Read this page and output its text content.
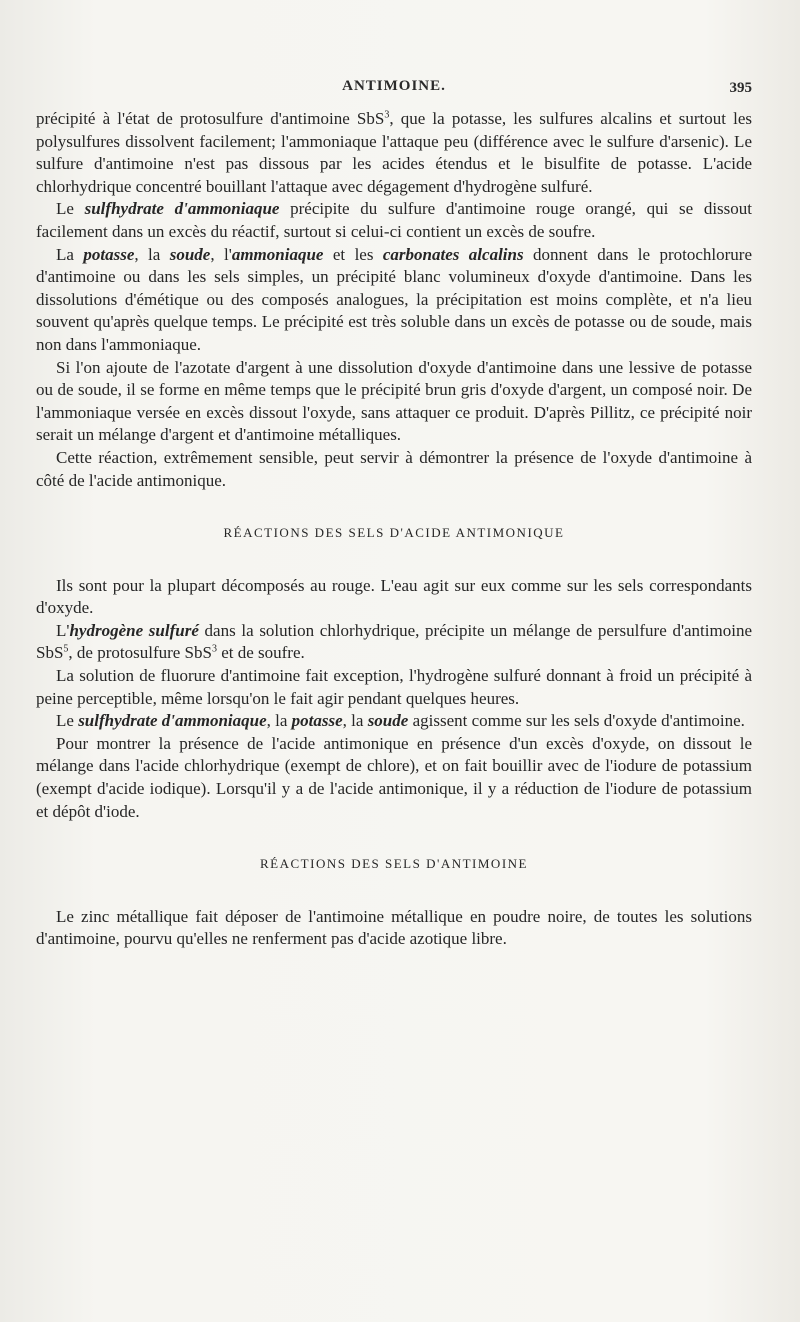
ANTIMOINE.	395

précipité à l'état de protosulfure d'antimoine SbS$^3$, que la potasse, les sulfures alcalins et surtout les polysulfures dissolvent facilement; l'ammoniaque l'attaque peu (différence avec le sulfure d'arsenic). Le sulfure d'antimoine n'est pas dissous par les acides étendus et le bisulfite de potasse. L'acide chlorhydrique concentré bouillant l'attaque avec dégagement d'hydrogène sulfuré.

Le sulfhydrate d'ammoniaque précipite du sulfure d'antimoine rouge orangé, qui se dissout facilement dans un excès du réactif, surtout si celui-ci contient un excès de soufre.

La potasse, la soude, l'ammoniaque et les carbonates alcalins donnent dans le protochlorure d'antimoine ou dans les sels simples, un précipité blanc volumineux d'oxyde d'antimoine. Dans les dissolutions d'émétique ou des composés analogues, la précipitation est moins complète, et n'a lieu souvent qu'après quelque temps. Le précipité est très soluble dans un excès de potasse ou de soude, mais non dans l'ammoniaque.

Si l'on ajoute de l'azotate d'argent à une dissolution d'oxyde d'antimoine dans une lessive de potasse ou de soude, il se forme en même temps que le précipité brun gris d'oxyde d'argent, un composé noir. De l'ammoniaque versée en excès dissout l'oxyde, sans attaquer ce produit. D'après Pillitz, ce précipité noir serait un mélange d'argent et d'antimoine métalliques.

Cette réaction, extrêmement sensible, peut servir à démontrer la présence de l'oxyde d'antimoine à côté de l'acide antimonique.

RÉACTIONS DES SELS D'ACIDE ANTIMONIQUE

Ils sont pour la plupart décomposés au rouge. L'eau agit sur eux comme sur les sels correspondants d'oxyde.

L'hydrogène sulfuré dans la solution chlorhydrique, précipite un mélange de persulfure d'antimoine SbS$^5$, de protosulfure SbS$^3$ et de soufre.

La solution de fluorure d'antimoine fait exception, l'hydrogène sulfuré donnant à froid un précipité à peine perceptible, même lorsqu'on le fait agir pendant quelques heures.

Le sulfhydrate d'ammoniaque, la potasse, la soude agissent comme sur les sels d'oxyde d'antimoine.

Pour montrer la présence de l'acide antimonique en présence d'un excès d'oxyde, on dissout le mélange dans l'acide chlorhydrique (exempt de chlore), et on fait bouillir avec de l'iodure de potassium (exempt d'acide iodique). Lorsqu'il y a de l'acide antimonique, il y a réduction de l'iodure de potassium et dépôt d'iode.

RÉACTIONS DES SELS D'ANTIMOINE

Le zinc métallique fait déposer de l'antimoine métallique en poudre noire, de toutes les solutions d'antimoine, pourvu qu'elles ne renferment pas d'acide azotique libre.
